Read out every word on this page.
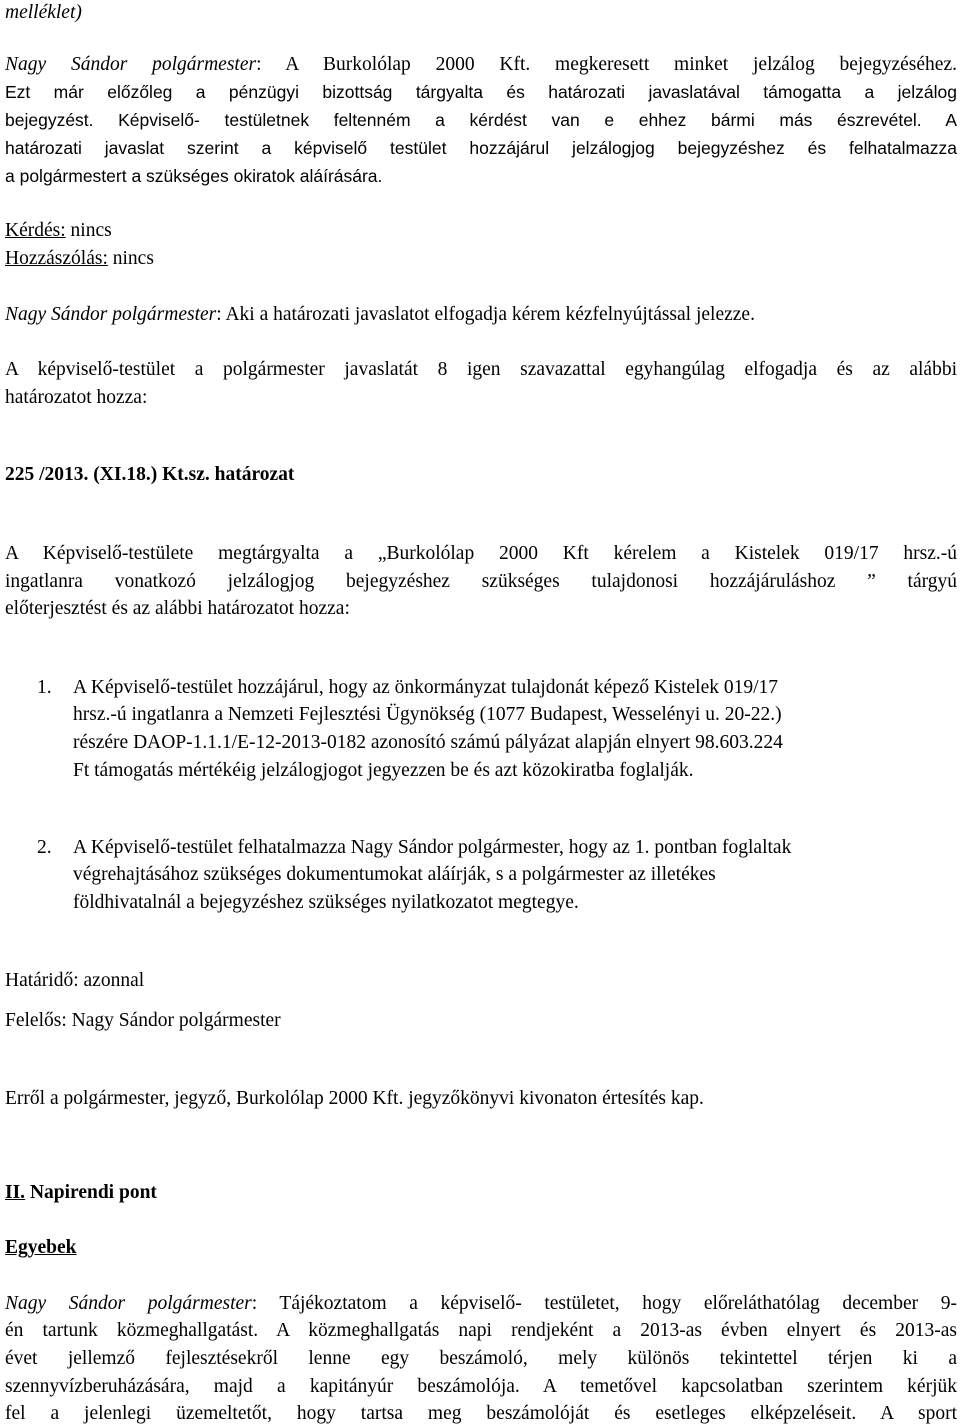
melléklet)
Nagy Sándor polgármester: A Burkolólap 2000 Kft. megkeresett minket jelzálog bejegyzéséhez.
Ezt már előzőleg a pénzügyi bizottság tárgyalta és határozati javaslatával támogatta a jelzálog
bejegyzést. Képviselő- testületnek feltenném a kérdést van e ehhez bármi más észrevétel. A
határozati javaslat szerint a képviselő testület hozzájárul jelzálogjog bejegyzéshez és felhatalmazza
a polgármestert a szükséges okiratok aláírására.
Kérdés: nincs
Hozzászólás: nincs
Nagy Sándor polgármester: Aki a határozati javaslatot elfogadja kérem kézfelnyújtással jelezze.
A képviselő-testület a polgármester javaslatát 8 igen szavazattal egyhangúlag elfogadja és az alábbi
határozatot hozza:
225 /2013. (XI.18.) Kt.sz. határozat
A Képviselő-testülete megtárgyalta a „Burkolólap 2000 Kft kérelem a Kistelek 019/17 hrsz.-ú
ingatlanra vonatkozó jelzálogjog bejegyzéshez szükséges tulajdonosi hozzájáruláshoz ” tárgyú
előterjesztést és az alábbi határozatot hozza:
1. A Képviselő-testület hozzájárul, hogy az önkormányzat tulajdonát képező Kistelek 019/17
hrsz.-ú ingatlanra a Nemzeti Fejlesztési Ügynökség (1077 Budapest, Wesselényi u. 20-22.)
részére DAOP-1.1.1/E-12-2013-0182 azonosító számú pályázat alapján elnyert 98.603.224
Ft támogatás mértékéig jelzálogjogot jegyezzen be és azt közokiratba foglalják.
2. A Képviselő-testület felhatalmazza Nagy Sándor polgármester, hogy az 1. pontban foglaltak
végrehajtásához szükséges dokumentumokat aláírják, s a polgármester az illetékes
földhivatalnál a bejegyzéshez szükséges nyilatkozatot megtegye.
Határidő: azonnal
Felelős: Nagy Sándor polgármester
Erről a polgármester, jegyző, Burkolólap 2000 Kft. jegyzőkönyvi kivonaton értesítés kap.
II. Napirendi pont
Egyebek
Nagy Sándor polgármester: Tájékoztatom a képviselő- testületet, hogy előreláthatólag december 9-
én tartunk közmeghallgatást. A közmeghallgatás napi rendjeként a 2013-as évben elnyert és 2013-as
évet jellemző fejlesztésekről lenne egy beszámoló, mely különös tekintettel térjen ki a
szennyvízberuházására, majd a kapitányúr beszámolója. A temetővel kapcsolatban szerintem kérjük
fel a jelenlegi üzemeltetőt, hogy tartsa meg beszámolóját és esetleges elképzeléseit. A sport
